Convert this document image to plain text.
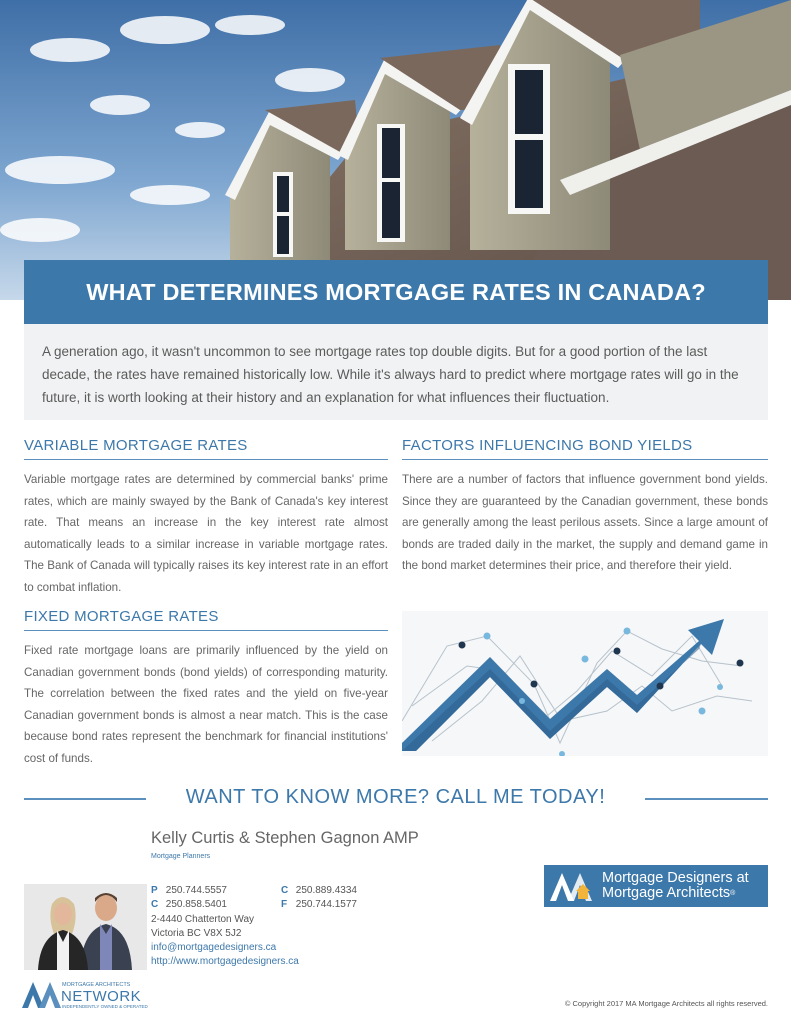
WHAT DETERMINES MORTGAGE RATES IN CANADA?
A generation ago, it wasn't uncommon to see mortgage rates top double digits. But for a good portion of the last decade, the rates have remained historically low. While it's always hard to predict where mortgage rates will go in the future, it is worth looking at their history and an explanation for what influences their fluctuation.
VARIABLE MORTGAGE RATES

Variable mortgage rates are determined by commercial banks' prime rates, which are mainly swayed by the Bank of Canada's key interest rate. That means an increase in the key interest rate almost automatically leads to a similar increase in variable mortgage rates. The Bank of Canada will typically raises its key interest rate in an effort to combat inflation.

FACTORS INFLUENCING BOND YIELDS

There are a number of factors that influence government bond yields. Since they are guaranteed by the Canadian government, these bonds are generally among the least perilous assets. Since a large amount of bonds are traded daily in the market, the supply and demand game in the bond market determines their price, and therefore their yield.

FIXED MORTGAGE RATES

Fixed rate mortgage loans are primarily influenced by the yield on Canadian government bonds (bond yields) of corresponding maturity. The correlation between the fixed rates and the yield on five-year Canadian government bonds is almost a near match. This is the case because bond rates represent the benchmark for financial institutions' cost of funds.

WANT TO KNOW MORE? CALL ME TODAY!
Kelly Curtis & Stephen Gagnon AMP
Mortgage Planners
P 250.744.5557	C 250.889.4334
C 250.858.5401	F 250.744.1577
2-4440 Chatterton Way
Victoria BC V8X 5J2
info@mortgagedesigners.ca
http://www.mortgagedesigners.ca
Mortgage Designers at
Mortgage Architects®
MORTGAGE ARCHITECTS
NETWORK
INDEPENDENTLY OWNED & OPERATED	© Copyright 2017 MA Mortgage Architects all rights reserved.
